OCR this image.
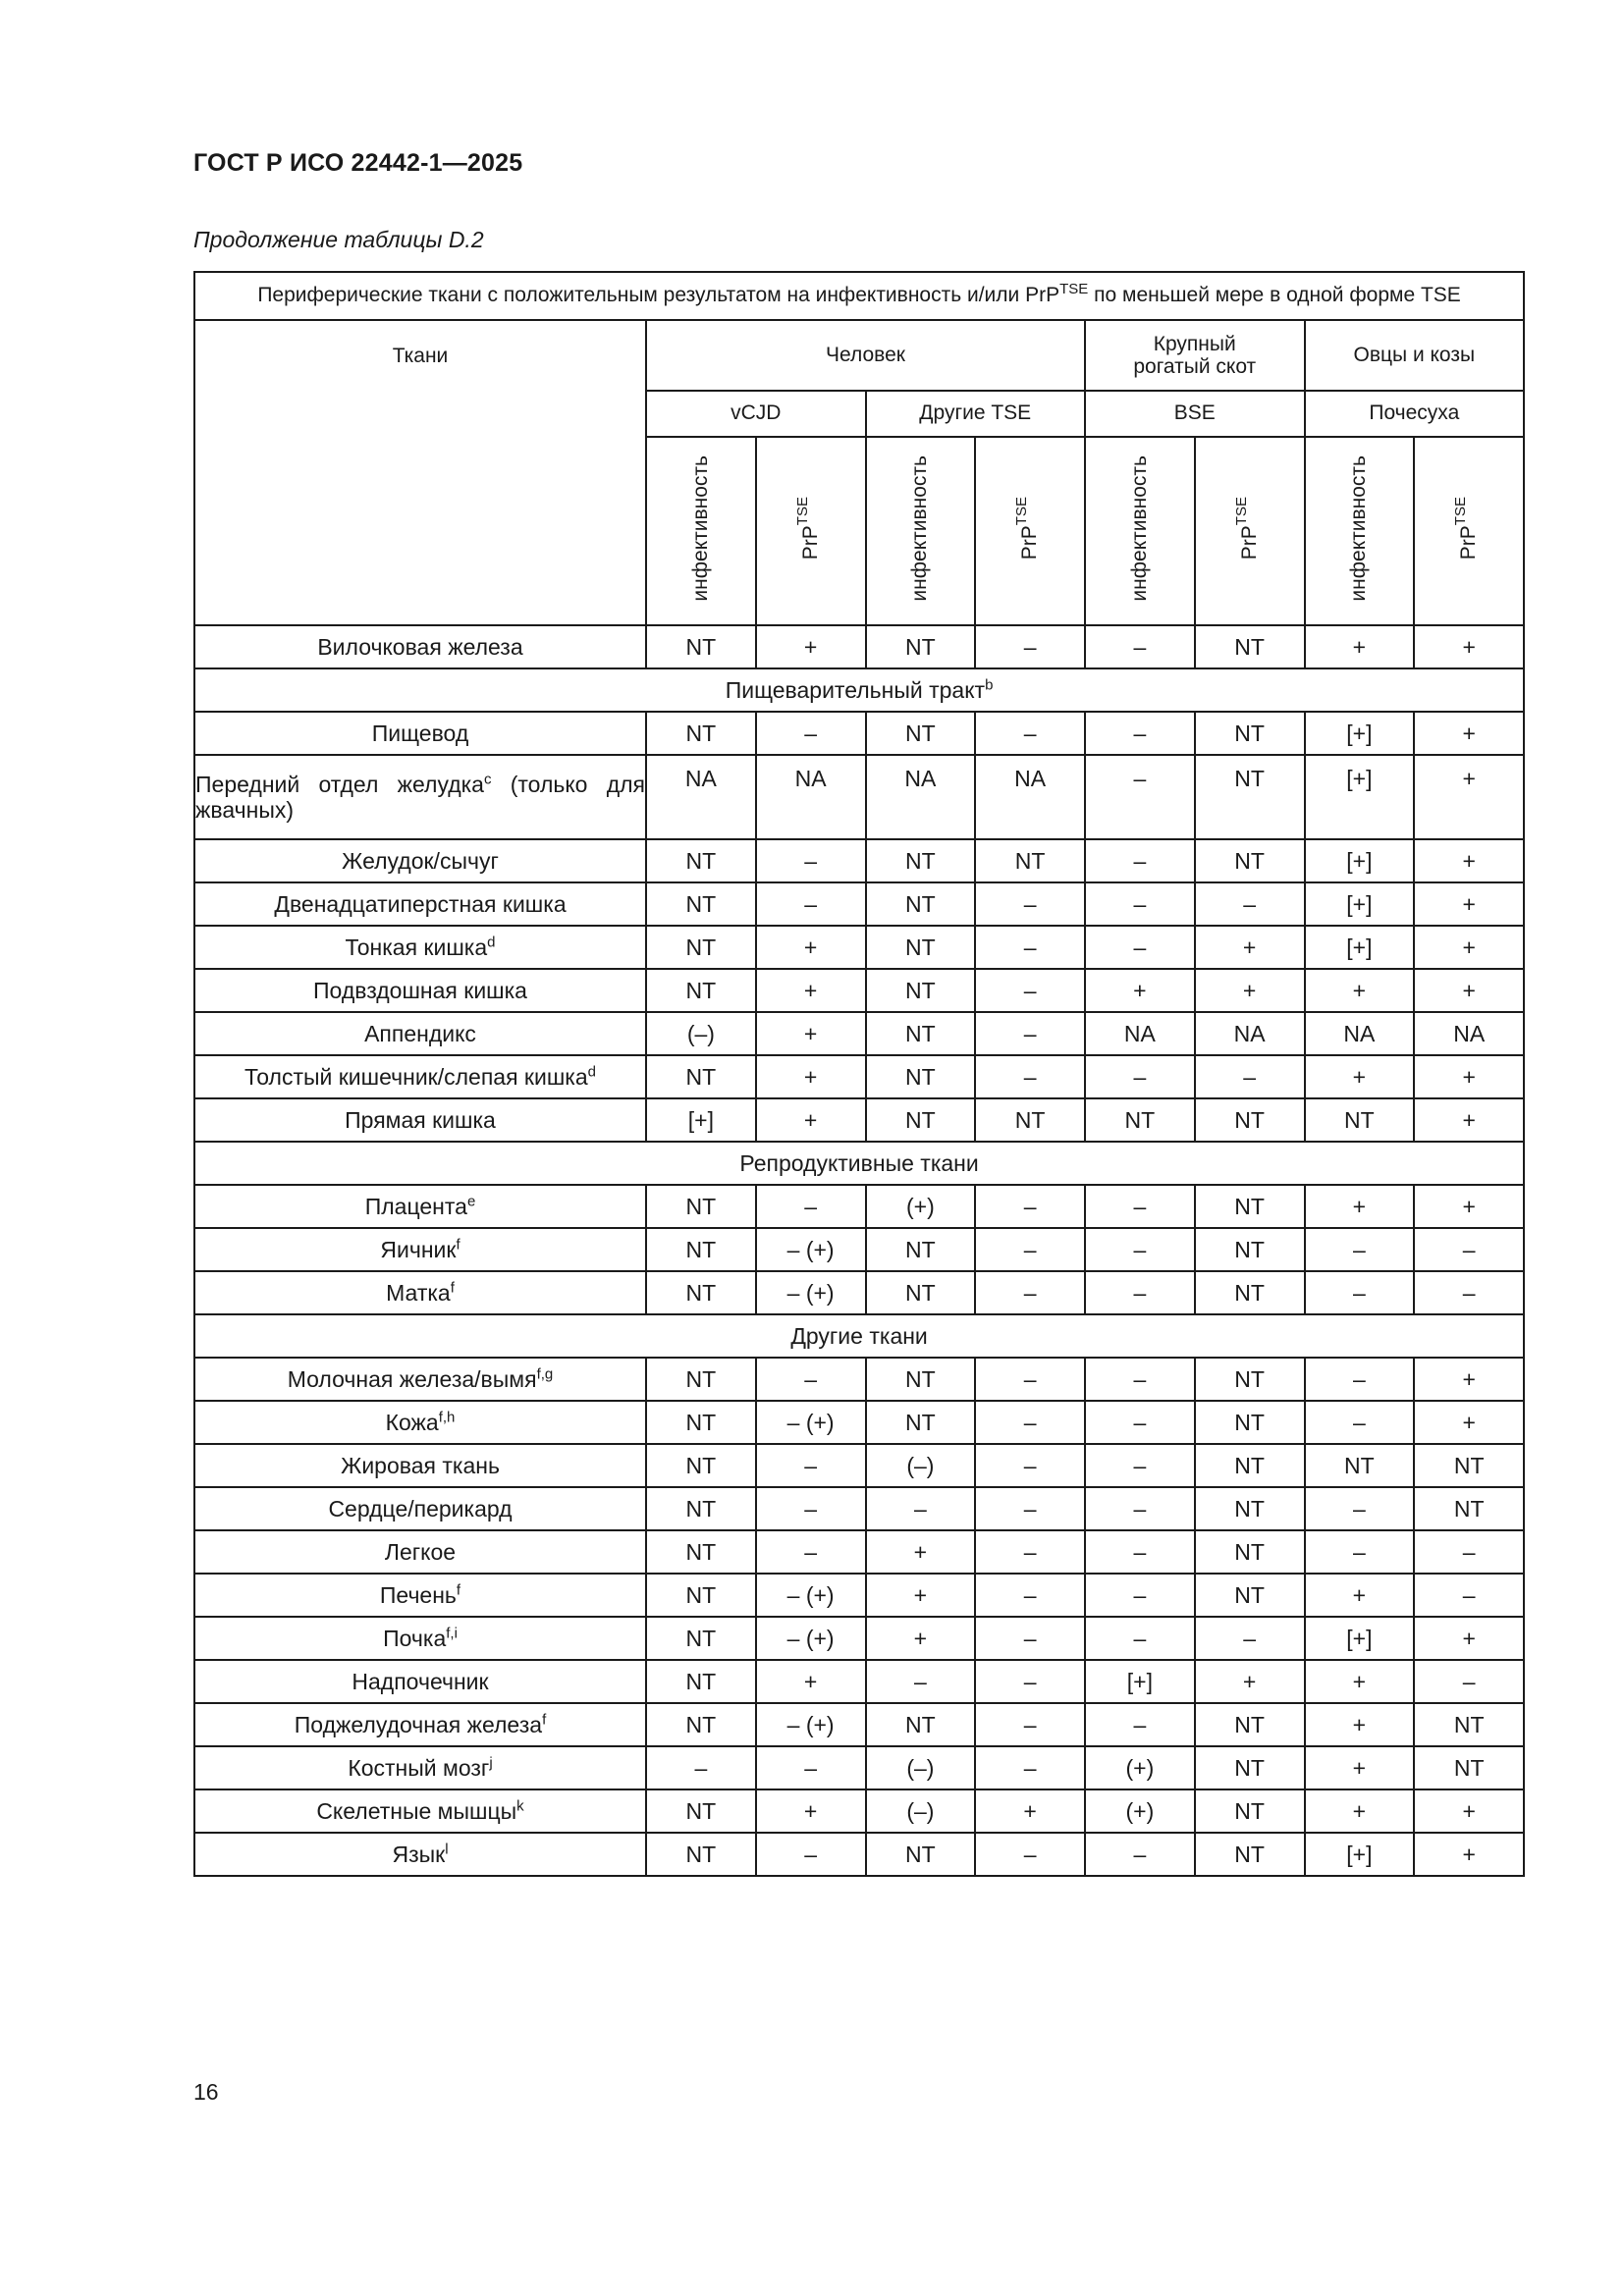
ГОСТ Р ИСО 22442-1—2025
Продолжение таблицы D.2
Периферические ткани с положительным результатом на инфективность и/или PrP$^{TSE}$ по меньшей мере в одной форме TSE								

Ткани	Человек				Крупный рогатый скот		Овцы и козы	
	vCJD		Другие TSE		BSE		Почесуха	
	инфективность	PrP$^{TSE}$	инфективность	PrP$^{TSE}$	инфективность	PrP$^{TSE}$	инфективность	PrP$^{TSE}$
Вилочковая железа	NT	+	NT	–	–	NT	+	+
Пищеварительный тракт$^b$
Пищевод	NT	–	NT	–	–	NT	[+]	+
Передний отдел желудка$^c$ (только для жвачных)	NA	NA	NA	NA	–	NT	[+]	+
Желудок/сычуг	NT	–	NT	NT	–	NT	[+]	+
Двенадцатиперстная кишка	NT	–	NT	–	–	–	[+]	+
Тонкая кишка$^d$	NT	+	NT	–	–	+	[+]	+
Подвздошная кишка	NT	+	NT	–	+	+	+	+
Аппендикс	(–)	+	NT	–	NA	NA	NA	NA
Толстый кишечник/слепая кишка$^d$	NT	+	NT	–	–	–	+	+
Прямая кишка	[+]	+	NT	NT	NT	NT	NT	+
Репродуктивные ткани								
Плацента$^e$	NT	–	(+)	–	–	NT	+	+
Яичник$^f$	NT	– (+)	NT	–	–	NT	–	–
Матка$^f$	NT	– (+)	NT	–	–	NT	–	–
Другие ткани								
Молочная железа/вымя$^{f,g}$	NT	–	NT	–	–	NT	–	+
Кожа$^{f,h}$	NT	– (+)	NT	–	–	NT	–	+
Жировая ткань	NT	–	(–)	–	–	NT	NT	NT
Сердце/перикард	NT	–	–	–	–	NT	–	NT
Легкое	NT	–	+	–	–	NT	–	–
Печень$^f$	NT	– (+)	+	–	–	NT	+	–
Почка$^{f,i}$	NT	– (+)	+	–	–	–	[+]	+
Надпочечник	NT	+	–	–	[+]	+	+	–
Поджелудочная железа$^f$	NT	– (+)	NT	–	–	NT	+	NT
Костный мозг$^j$	–	–	(–)	–	(+)	NT	+	NT
Скелетные мышцы$^k$	NT	+	(–)	+	(+)	NT	+	+
Язык$^l$	NT	–	NT	–	–	NT	[+]	+
16
